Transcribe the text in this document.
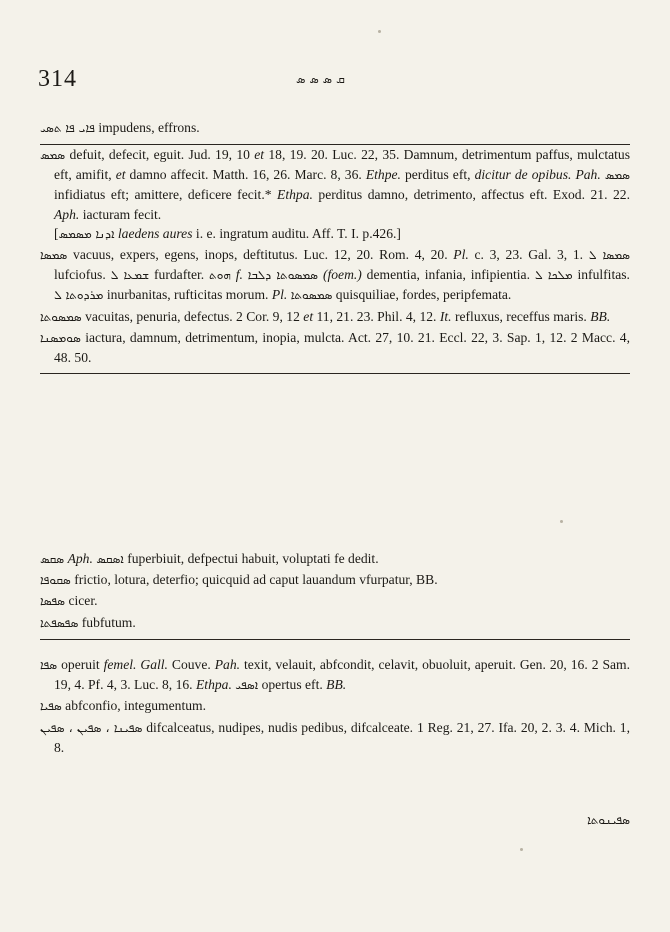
314	ܩ ܣ ܣ ܣ

ܦܐܝ ܦܐ ܬܣܝ impudens, effrons.

ܣܡܣ defuit, defecit, eguit. Jud. 19, 10 et 18, 19. 20. Luc. 22, 35. Damnum, detrimentum paffus, mulctatus eft, amifit, et damno affecit. Matth. 16, 26. Marc. 8, 36. Ethpe. perditus eft, dicitur de opibus. Pah. ܣܡܣ infidiatus eft; amittere, deficere fecit.* Ethpa. perditus damno, detrimento, affectus eft. Exod. 21. 22. Aph. iacturam fecit.
[ܐܕܢܐ ܡܣܡܣ laedens aures i. e. ingratum auditu. Aff. T. I. p.426.]

ܣܡܣܐ vacuus, expers, egens, inops, deftitutus. Luc. 12, 20. Rom. 4, 20. Pl. c. 3, 23. Gal. 3, 1. ܣܡܣܐ ܠ lufciofus. ܫܡܥܐ ܠ furdafter. ܗܘܬ f. ܣܡܣܘܬܐ ܕܠܒܐ (foem.) dementia, infania, infipientia. ܡܠܟܐ ܠ infulfitas. ܡܪܕܘܬܐ ܠ inurbanitas, rufticitas morum. Pl. ܣܡܣܘܬܐ quisquiliae, fordes, peripfemata.

ܣܡܣܘܬܐ vacuitas, penuria, defectus. 2 Cor. 9, 12 et 11, 21. 23. Phil. 4, 12. It. refluxus, receffus maris. BB.

ܣܘܡܣܢܐ iactura, damnum, detrimentum, inopia, mulcta. Act. 27, 10. 21. Eccl. 22, 3. Sap. 1, 12. 2 Macc. 4, 48. 50.

ܣܩܣ Aph. ܐܣܩܣ fuperbiuit, defpectui habuit, voluptati fe dedit.

ܣܩܘܦܐ frictio, lotura, deterfio; quicquid ad caput lauandum vfurpatur, BB.

ܣܦܣܐ cicer.

ܣܦܣܦܬܐ fubfutum.

ܣܦܐ operuit femel. Gall. Couve. Pah. texit, velauit, abfcondit, celavit, obuoluit, aperuit. Gen. 20, 16. 2 Sam. 19, 4. Pf. 4, 3. Luc. 8, 16. Ethpa. ܐܣܦܝ opertus eft. BB.

ܣܦܝܐ abfconfio, integumentum.

ܣܦܝܢܐ ، ܣܦܝܢ ، ܣܦܝܢ difcalceatus, nudipes, nudis pedibus, difcalceate. 1 Reg. 21, 27. Ifa. 20, 2. 3. 4. Mich. 1, 8.

ܣܦܝܢܘܬܐ
